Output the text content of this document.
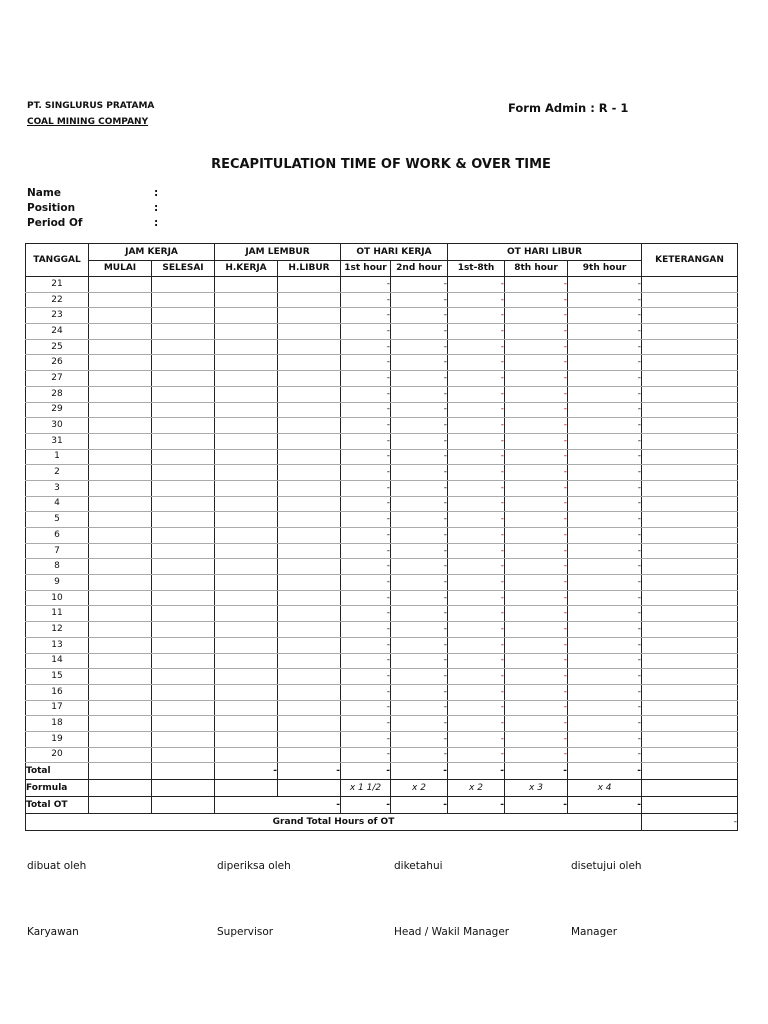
PT. SINGLURUS PRATAMA
COAL MINING COMPANY
Form Admin : R - 1
RECAPITULATION TIME OF WORK & OVER TIME
Name	:
Position	:
Period Of	:
TANGGAL	JAM KERJA		JAM LEMBUR		OT HARI KERJA		OT HARI LIBUR			KETERANGAN
	MULAI	SELESAI	H.KERJA	H.LIBUR	1st hour	2nd hour	1st-8th	8th hour	9th hour	
21					-	-	-	-	-	
22					-	-	-	-	-	
23					-	-	-	-	-	
24					-	-	-	-	-	
25					-	-	-	-	-	
26					-	-	-	-	-	
27					-	-	-	-	-	
28					-	-	-	-	-	
29					-	-	-	-	-	
30					-	-	-	-	-	
31					-	-	-	-	-	
1					-	-	-	-	-	
2					-	-	-	-	-	
3					-	-	-	-	-	
4					-	-	-	-	-	
5					-	-	-	-	-	
6					-	-	-	-	-	
7					-	-	-	-	-	
8					-	-	-	-	-	
9					-	-	-	-	-	
10					-	-	-	-	-	
11					-	-	-	-	-	
12					-	-	-	-	-	
13					-	-	-	-	-	
14					-	-	-	-	-	
15					-	-	-	-	-	
16					-	-	-	-	-	
17					-	-	-	-	-	
18					-	-	-	-	-	
19					-	-	-	-	-	
20					-	-	-	-	-	
Total			-	-	-	-	-	-	-	
Formula					x 1 1/2	x 2	x 2	x 3	x 4	
Total OT			-		-	-	-	-	-	
Grand Total Hours of OT										-
dibuat oleh	diperiksa oleh	diketahui	disetujui oleh
Karyawan	Supervisor	Head / Wakil Manager	Manager
